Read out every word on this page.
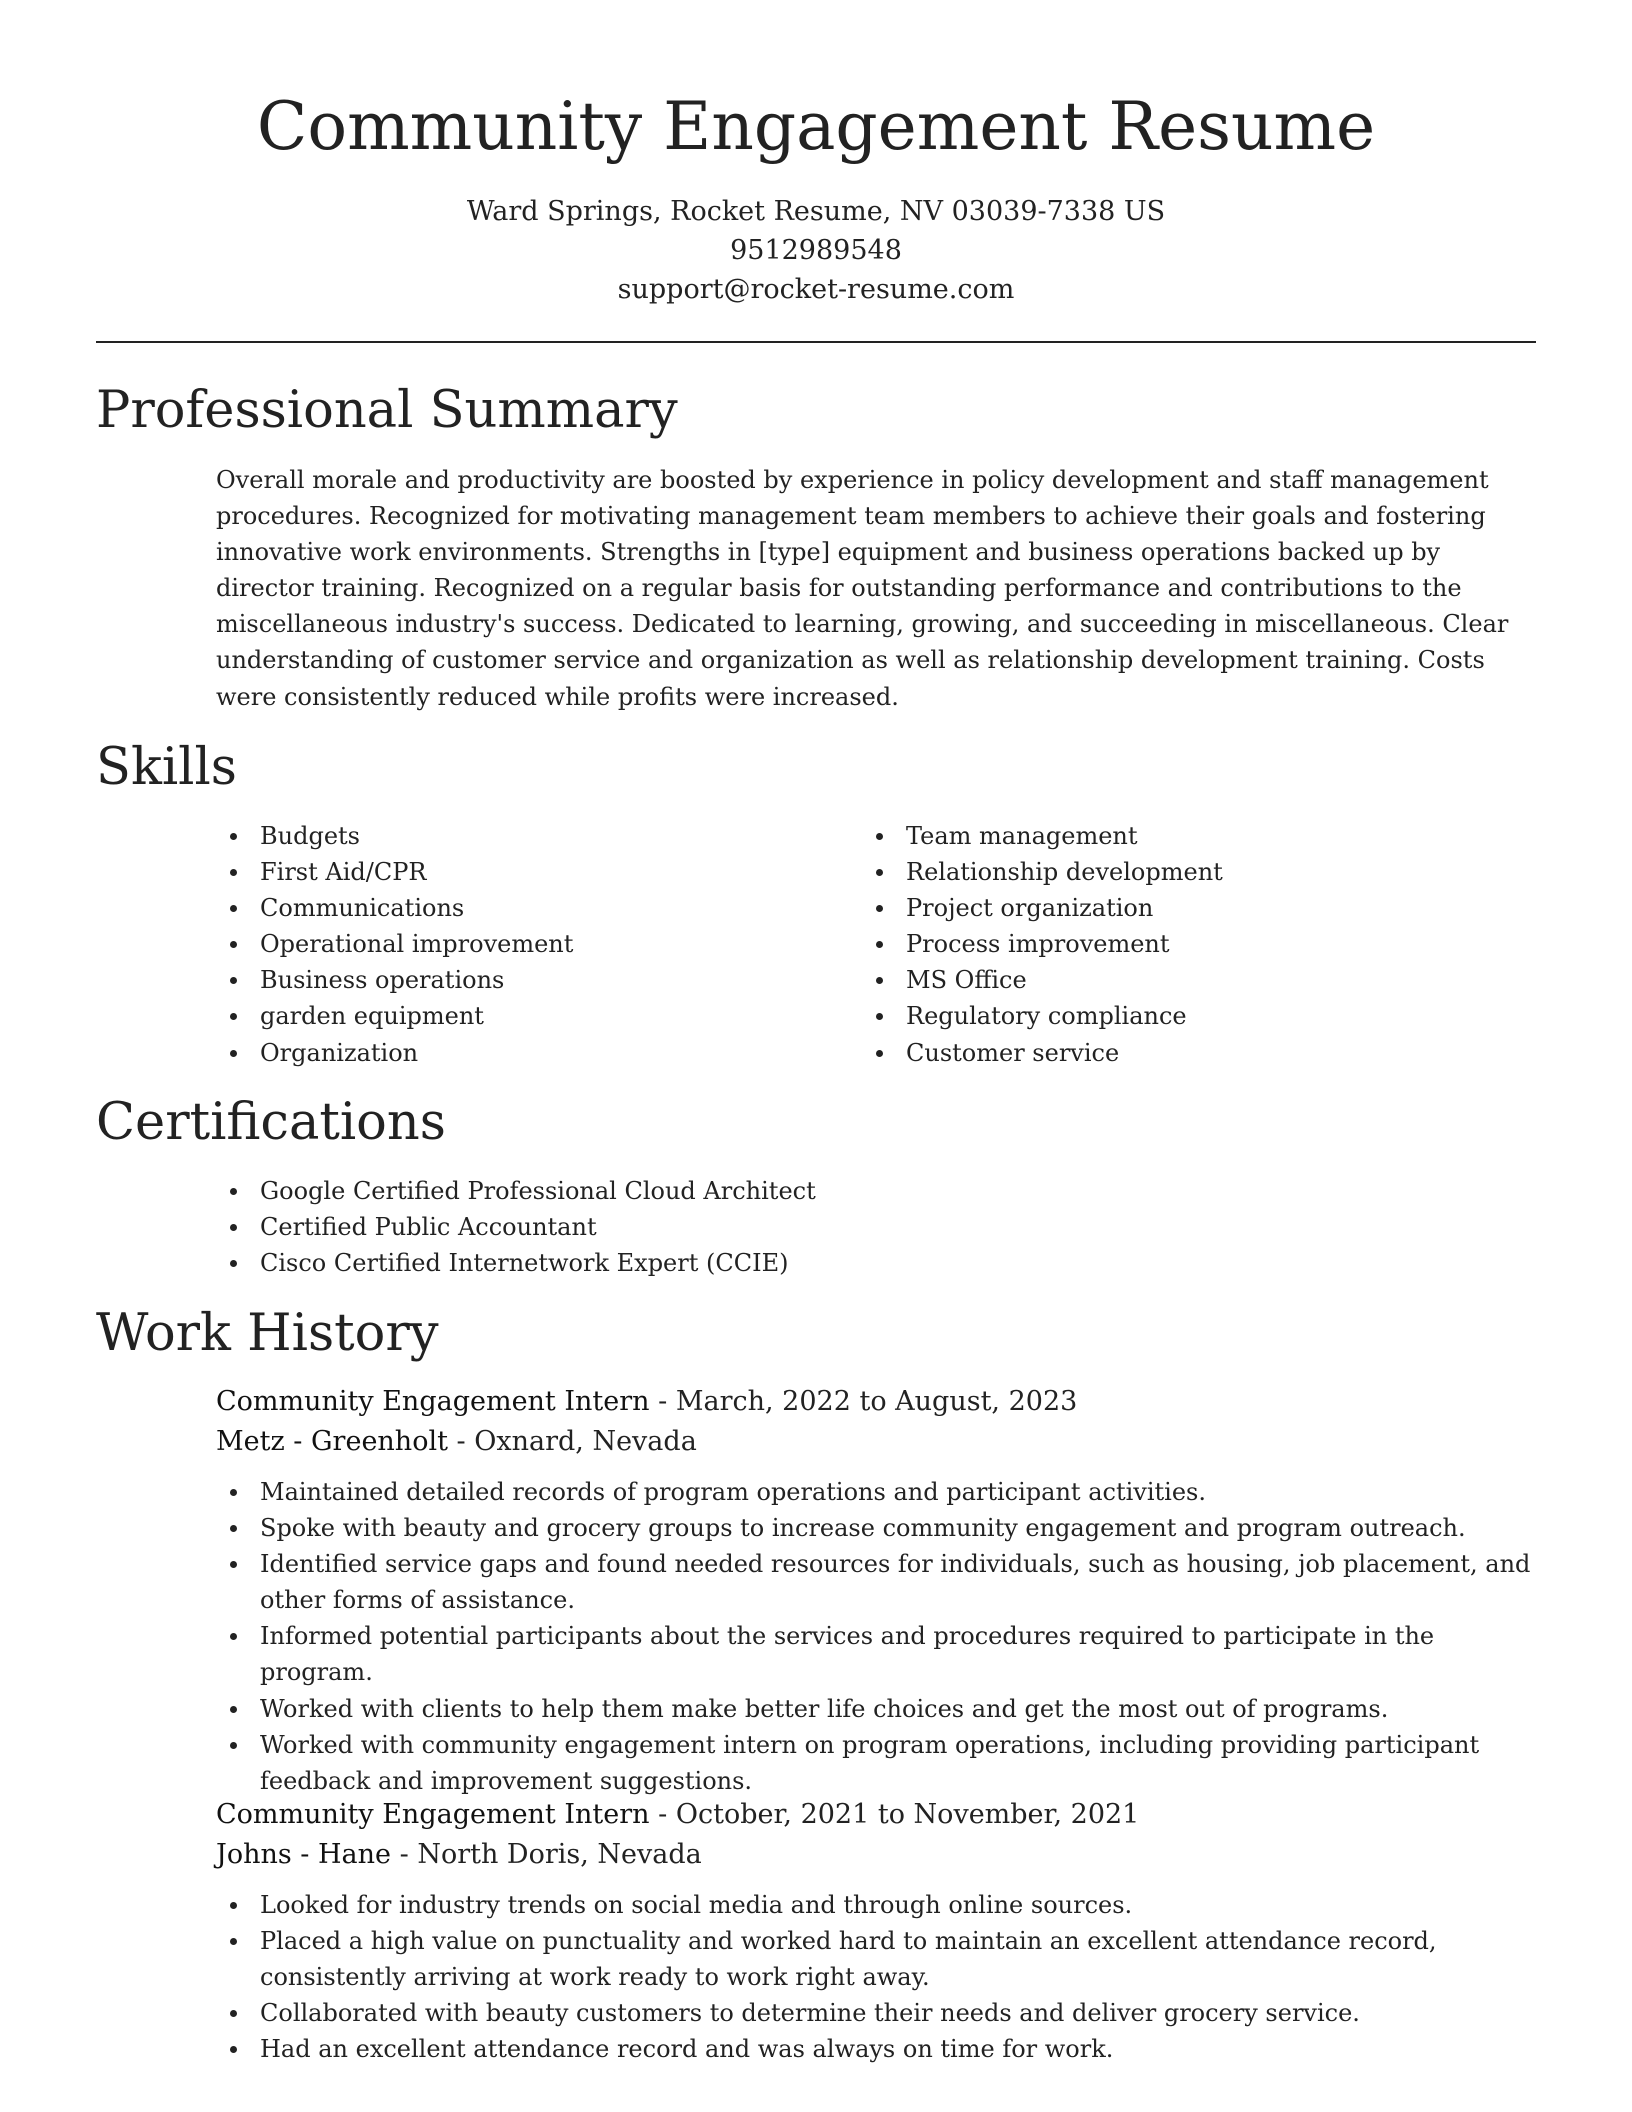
Community Engagement Resume
Ward Springs, Rocket Resume, NV 03039-7338 US
9512989548
support@rocket-resume.com
Professional Summary

Overall morale and productivity are boosted by experience in policy development and staff management procedures. Recognized for motivating management team members to achieve their goals and fostering innovative work environments. Strengths in [type] equipment and business operations backed up by director training. Recognized on a regular basis for outstanding performance and contributions to the miscellaneous industry's success. Dedicated to learning, growing, and succeeding in miscellaneous. Clear understanding of customer service and organization as well as relationship development training. Costs were consistently reduced while profits were increased.

Skills
Budgets
First Aid/CPR
Communications
Operational improvement
Business operations
garden equipment
Organization
Team management
Relationship development
Project organization
Process improvement
MS Office
Regulatory compliance
Customer service
Certifications
Google Certified Professional Cloud Architect
Certified Public Accountant
Cisco Certified Internetwork Expert (CCIE)
Work History
Community Engagement Intern - March, 2022 to August, 2023
Metz - Greenholt - Oxnard, Nevada
Maintained detailed records of program operations and participant activities.
Spoke with beauty and grocery groups to increase community engagement and program outreach.
Identified service gaps and found needed resources for individuals, such as housing, job placement, and other forms of assistance.
Informed potential participants about the services and procedures required to participate in the program.
Worked with clients to help them make better life choices and get the most out of programs.
Worked with community engagement intern on program operations, including providing participant feedback and improvement suggestions.
Community Engagement Intern - October, 2021 to November, 2021
Johns - Hane - North Doris, Nevada
Looked for industry trends on social media and through online sources.
Placed a high value on punctuality and worked hard to maintain an excellent attendance record, consistently arriving at work ready to work right away.
Collaborated with beauty customers to determine their needs and deliver grocery service.
Had an excellent attendance record and was always on time for work.
